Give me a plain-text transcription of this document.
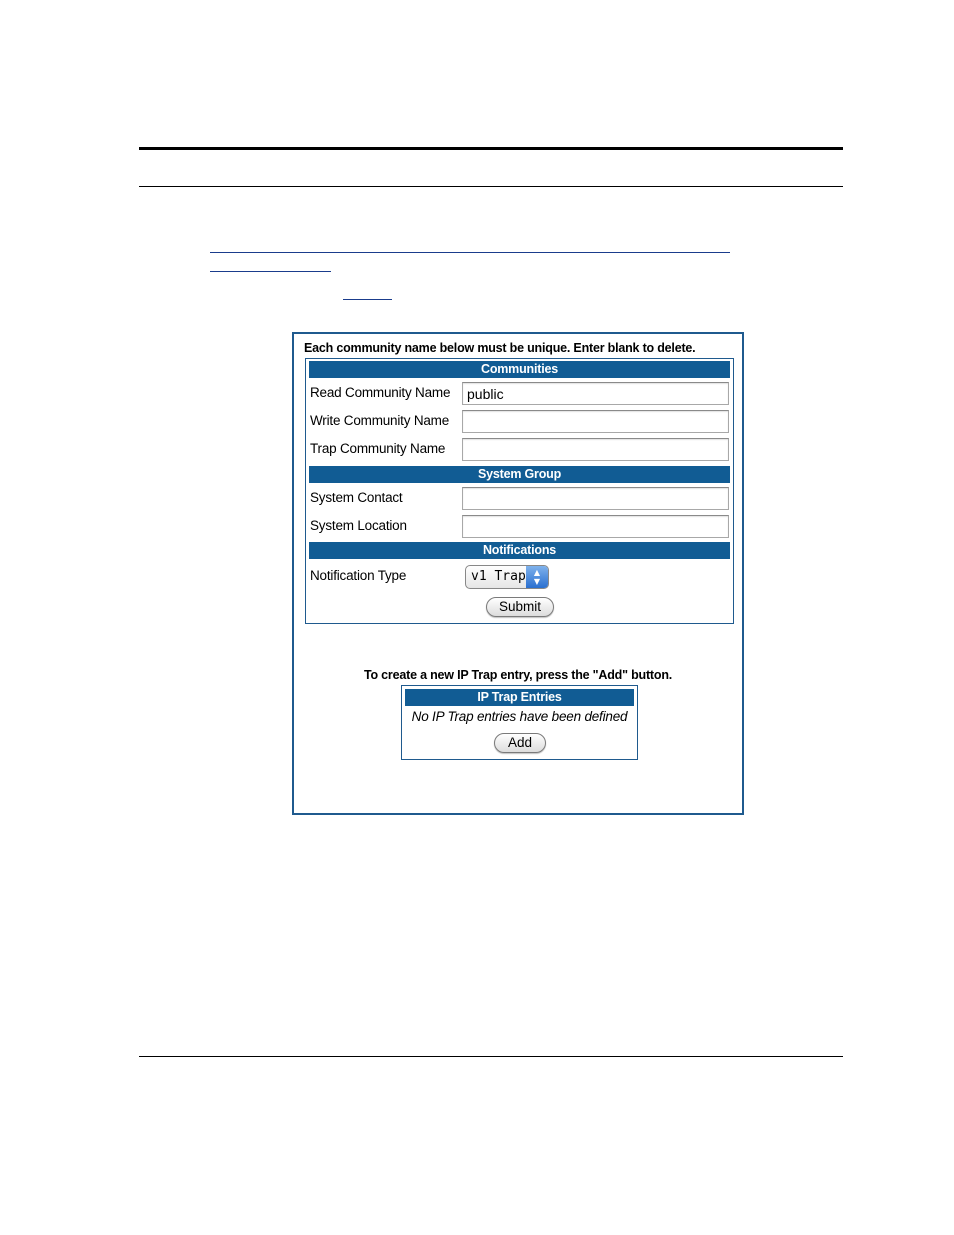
Each community name below must be unique. Enter blank to delete.
Communities
Read Community Name
public
Write Community Name
Trap Community Name
System Group
System Contact
System Location
Notifications
Notification Type	v1 Trap	▲
▼
Submit
To create a new IP Trap entry, press the "Add" button.
IP Trap Entries
No IP Trap entries have been defined
Add
